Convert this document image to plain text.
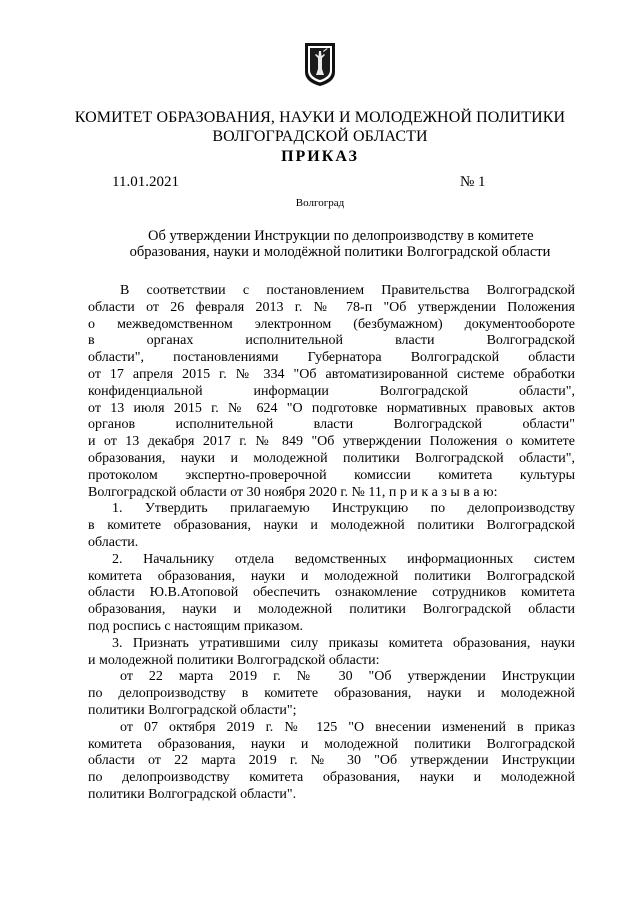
КОМИТЕТ ОБРАЗОВАНИЯ, НАУКИ И МОЛОДЕЖНОЙ ПОЛИТИКИ
ВОЛГОГРАДСКОЙ ОБЛАСТИ
ПРИКАЗ
11.01.2021	№ 1
Волгоград
Об утверждении Инструкции по делопроизводству в комитете
образования, науки и молодёжной политики Волгоградской области
В соответствии с постановлением Правительства Волгоградской
области от 26 февраля 2013 г. № 78-п "Об утверждении Положения
о межведомственном электронном (безбумажном) документообороте
в органах исполнительной власти Волгоградской
области", постановлениями Губернатора Волгоградской области
от 17 апреля 2015 г. № 334 "Об автоматизированной системе обработки
конфиденциальной информации Волгоградской области",
от 13 июля 2015 г. № 624 "О подготовке нормативных правовых актов
органов исполнительной власти Волгоградской области"
и от 13 декабря 2017 г. № 849 "Об утверждении Положения о комитете
образования, науки и молодежной политики Волгоградской области",
протоколом экспертно-проверочной комиссии комитета культуры
Волгоградской области от 30 ноября 2020 г. № 11, п р и к а з ы в а ю:
1. Утвердить прилагаемую Инструкцию по делопроизводству
в комитете образования, науки и молодежной политики Волгоградской
области.
2. Начальнику отдела ведомственных информационных систем
комитета образования, науки и молодежной политики Волгоградской
области Ю.В.Атоповой обеспечить ознакомление сотрудников комитета
образования, науки и молодежной политики Волгоградской области
под роспись с настоящим приказом.
3. Признать утратившими силу приказы комитета образования, науки
и молодежной политики Волгоградской области:
от 22 марта 2019 г. № 30 "Об утверждении Инструкции
по делопроизводству в комитете образования, науки и молодежной
политики Волгоградской области";
от 07 октября 2019 г. № 125 "О внесении изменений в приказ
комитета образования, науки и молодежной политики Волгоградской
области от 22 марта 2019 г. № 30 "Об утверждении Инструкции
по делопроизводству комитета образования, науки и молодежной
политики Волгоградской области".
